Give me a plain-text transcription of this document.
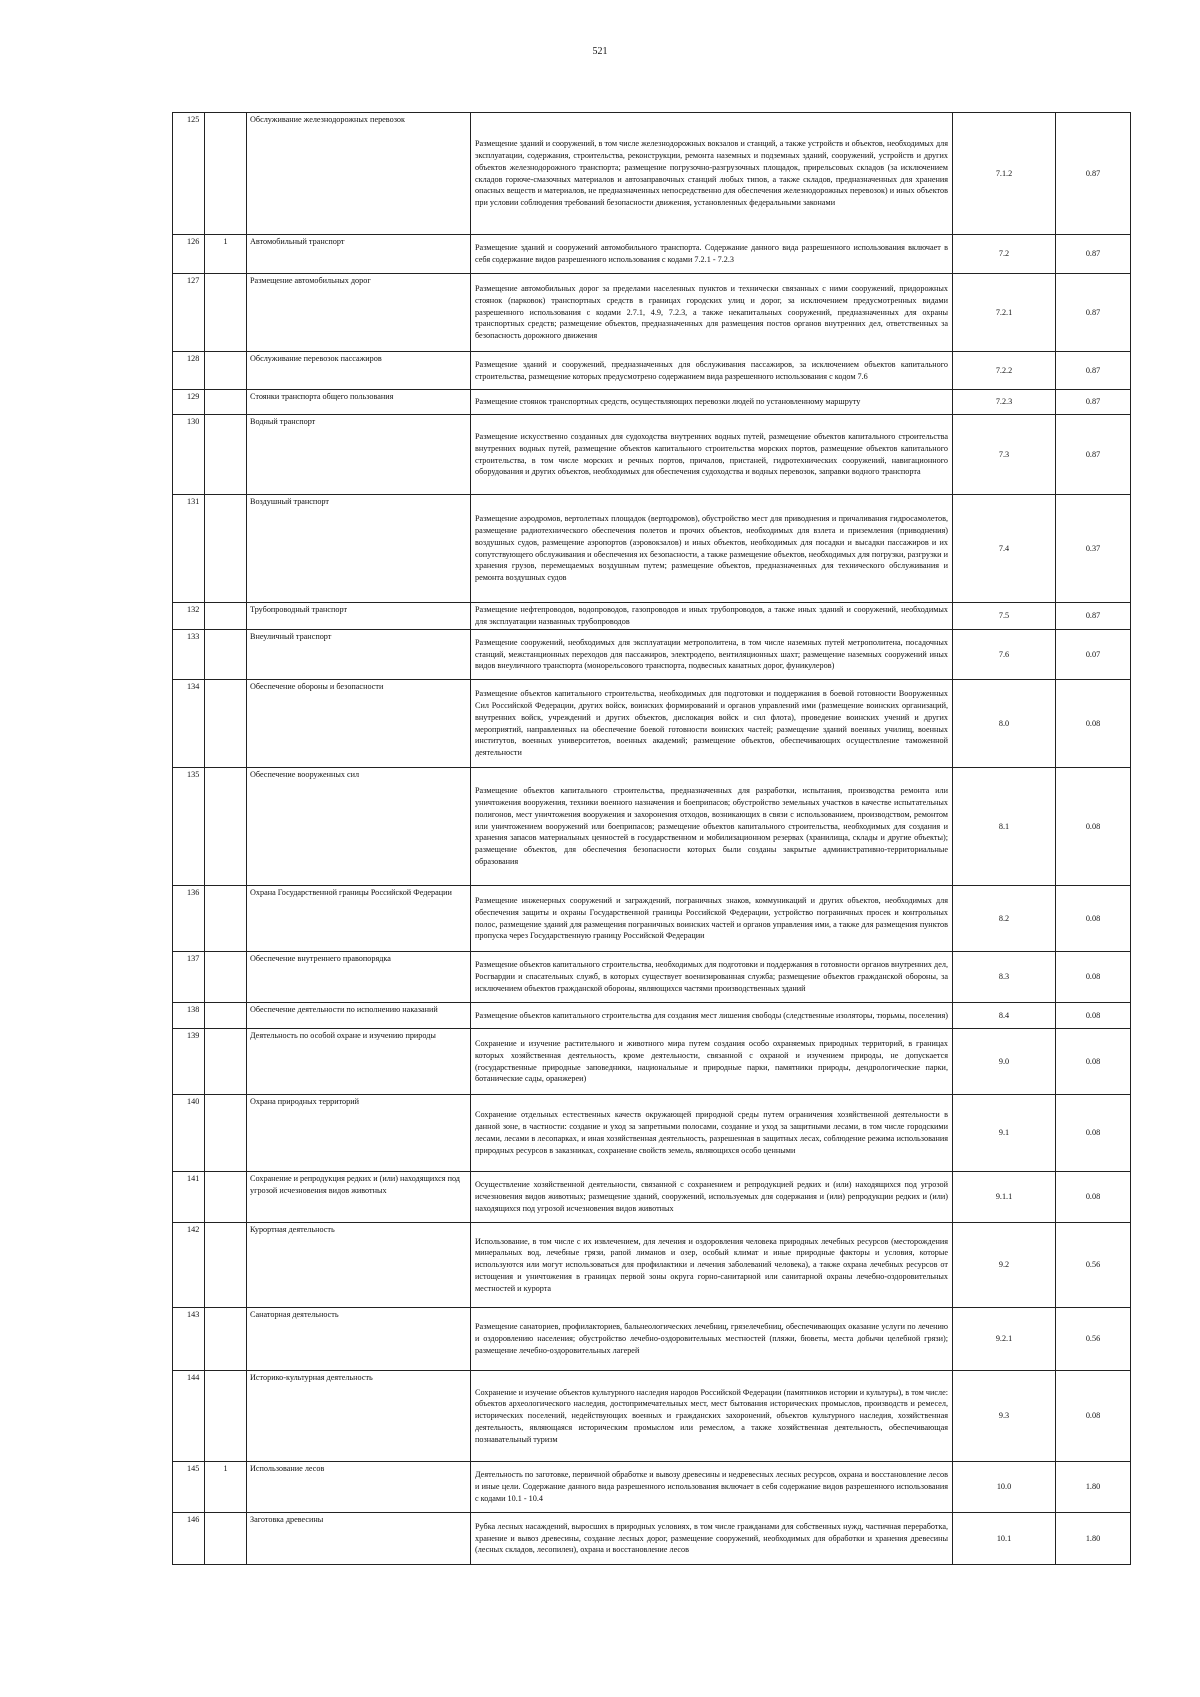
521
125		Обслуживание железнодорожных перевозок	Размещение зданий и сооружений, в том числе железнодорожных вокзалов и станций, а также устройств и объектов, необходимых для эксплуатации, содержания, строительства, реконструкции, ремонта наземных и подземных зданий, сооружений, устройств и других объектов железнодорожного транспорта; размещение погрузочно-разгрузочных площадок, прирельсовых складов (за исключением складов горюче-смазочных материалов и автозаправочных станций любых типов, а также складов, предназначенных для хранения опасных веществ и материалов, не предназначенных непосредственно для обеспечения железнодорожных перевозок) и иных объектов при условии соблюдения требований безопасности движения, установленных федеральными законами	7.1.2	0.87
126	1	Автомобильный транспорт	Размещение зданий и сооружений автомобильного транспорта. Содержание данного вида разрешенного использования включает в себя содержание видов разрешенного использования с кодами 7.2.1 - 7.2.3	7.2	0.87
127		Размещение автомобильных дорог	Размещение автомобильных дорог за пределами населенных пунктов и технически связанных с ними сооружений, придорожных стоянок (парковок) транспортных средств в границах городских улиц и дорог, за исключением предусмотренных видами разрешенного использования с кодами 2.7.1, 4.9, 7.2.3, а также некапитальных сооружений, предназначенных для охраны транспортных средств; размещение объектов, предназначенных для размещения постов органов внутренних дел, ответственных за безопасность дорожного движения	7.2.1	0.87
128		Обслуживание перевозок пассажиров	Размещение зданий и сооружений, предназначенных для обслуживания пассажиров, за исключением объектов капитального строительства, размещение которых предусмотрено содержанием вида разрешенного использования с кодом 7.6	7.2.2	0.87
129		Стоянки транспорта общего пользования	Размещение стоянок транспортных средств, осуществляющих перевозки людей по установленному маршруту	7.2.3	0.87
130		Водный транспорт	Размещение искусственно созданных для судоходства внутренних водных путей, размещение объектов капитального строительства внутренних водных путей, размещение объектов капитального строительства морских портов, размещение объектов капитального строительства, в том числе морских и речных портов, причалов, пристаней, гидротехнических сооружений, навигационного оборудования и других объектов, необходимых для обеспечения судоходства и водных перевозок, заправки водного транспорта	7.3	0.87
131		Воздушный транспорт	Размещение аэродромов, вертолетных площадок (вертодромов), обустройство мест для приводнения и причаливания гидросамолетов, размещение радиотехнического обеспечения полетов и прочих объектов, необходимых для взлета и приземления (приводнения) воздушных судов, размещение аэропортов (аэровокзалов) и иных объектов, необходимых для посадки и высадки пассажиров и их сопутствующего обслуживания и обеспечения их безопасности, а также размещение объектов, необходимых для погрузки, разгрузки и хранения грузов, перемещаемых воздушным путем; размещение объектов, предназначенных для технического обслуживания и ремонта воздушных судов	7.4	0.37
132		Трубопроводный транспорт	Размещение нефтепроводов, водопроводов, газопроводов и иных трубопроводов, а также иных зданий и сооружений, необходимых для эксплуатации названных трубопроводов	7.5	0.87
133		Внеуличный транспорт	Размещение сооружений, необходимых для эксплуатации метрополитена, в том числе наземных путей метрополитена, посадочных станций, межстанционных переходов для пассажиров, электродепо, вентиляционных шахт; размещение наземных сооружений иных видов внеуличного транспорта (монорельсового транспорта, подвесных канатных дорог, фуникулеров)	7.6	0.07
134		Обеспечение обороны и безопасности	Размещение объектов капитального строительства, необходимых для подготовки и поддержания в боевой готовности Вооруженных Сил Российской Федерации, других войск, воинских формирований и органов управлений ими (размещение воинских организаций, внутренних войск, учреждений и других объектов, дислокация войск и сил флота), проведение воинских учений и других мероприятий, направленных на обеспечение боевой готовности воинских частей; размещение зданий военных училищ, военных институтов, военных университетов, военных академий; размещение объектов, обеспечивающих осуществление таможенной деятельности	8.0	0.08
135		Обеспечение вооруженных сил	Размещение объектов капитального строительства, предназначенных для разработки, испытания, производства ремонта или уничтожения вооружения, техники военного назначения и боеприпасов; обустройство земельных участков в качестве испытательных полигонов, мест уничтожения вооружения и захоронения отходов, возникающих в связи с использованием, производством, ремонтом или уничтожением вооружений или боеприпасов; размещение объектов капитального строительства, необходимых для создания и хранения запасов материальных ценностей в государственном и мобилизационном резервах (хранилища, склады и другие объекты); размещение объектов, для обеспечения безопасности которых были созданы закрытые административно-территориальные образования	8.1	0.08
136		Охрана Государственной границы Российской Федерации	Размещение инженерных сооружений и заграждений, пограничных знаков, коммуникаций и других объектов, необходимых для обеспечения защиты и охраны Государственной границы Российской Федерации, устройство пограничных просек и контрольных полос, размещение зданий для размещения пограничных воинских частей и органов управления ими, а также для размещения пунктов пропуска через Государственную границу Российской Федерации	8.2	0.08
137		Обеспечение внутреннего правопорядка	Размещение объектов капитального строительства, необходимых для подготовки и поддержания в готовности органов внутренних дел, Росгвардии и спасательных служб, в которых существует военизированная служба; размещение объектов гражданской обороны, за исключением объектов гражданской обороны, являющихся частями производственных зданий	8.3	0.08
138		Обеспечение деятельности по исполнению наказаний	Размещение объектов капитального строительства для создания мест лишения свободы (следственные изоляторы, тюрьмы, поселения)	8.4	0.08
139		Деятельность по особой охране и изучению природы	Сохранение и изучение растительного и животного мира путем создания особо охраняемых природных территорий, в границах которых хозяйственная деятельность, кроме деятельности, связанной с охраной и изучением природы, не допускается (государственные природные заповедники, национальные и природные парки, памятники природы, дендрологические парки, ботанические сады, оранжереи)	9.0	0.08
140		Охрана природных территорий	Сохранение отдельных естественных качеств окружающей природной среды путем ограничения хозяйственной деятельности в данной зоне, в частности: создание и уход за запретными полосами, создание и уход за защитными лесами, в том числе городскими лесами, лесами в лесопарках, и иная хозяйственная деятельность, разрешенная в защитных лесах, соблюдение режима использования природных ресурсов в заказниках, сохранение свойств земель, являющихся особо ценными	9.1	0.08
141		Сохранение и репродукция редких и (или) находящихся под угрозой исчезновения видов животных	Осуществление хозяйственной деятельности, связанной с сохранением и репродукцией редких и (или) находящихся под угрозой исчезновения видов животных; размещение зданий, сооружений, используемых для содержания и (или) репродукции редких и (или) находящихся под угрозой исчезновения видов животных	9.1.1	0.08
142		Курортная деятельность	Использование, в том числе с их извлечением, для лечения и оздоровления человека природных лечебных ресурсов (месторождения минеральных вод, лечебные грязи, рапой лиманов и озер, особый климат и иные природные факторы и условия, которые используются или могут использоваться для профилактики и лечения заболеваний человека), а также охрана лечебных ресурсов от истощения и уничтожения в границах первой зоны округа горно-санитарной или санитарной охраны лечебно-оздоровительных местностей и курорта	9.2	0.56
143		Санаторная деятельность	Размещение санаториев, профилакториев, бальнеологических лечебниц, грязелечебниц, обеспечивающих оказание услуги по лечению и оздоровлению населения; обустройство лечебно-оздоровительных местностей (пляжи, бюветы, места добычи целебной грязи); размещение лечебно-оздоровительных лагерей	9.2.1	0.56
144		Историко-культурная деятельность	Сохранение и изучение объектов культурного наследия народов Российской Федерации (памятников истории и культуры), в том числе: объектов археологического наследия, достопримечательных мест, мест бытования исторических промыслов, производств и ремесел, исторических поселений, недействующих военных и гражданских захоронений, объектов культурного наследия, хозяйственная деятельность, являющаяся историческим промыслом или ремеслом, а также хозяйственная деятельность, обеспечивающая познавательный туризм	9.3	0.08
145	1	Использование лесов	Деятельность по заготовке, первичной обработке и вывозу древесины и недревесных лесных ресурсов, охрана и восстановление лесов и иные цели. Содержание данного вида разрешенного использования включает в себя содержание видов разрешенного использования с кодами 10.1 - 10.4	10.0	1.80
146		Заготовка древесины	Рубка лесных насаждений, выросших в природных условиях, в том числе гражданами для собственных нужд, частичная переработка, хранение и вывоз древесины, создание лесных дорог, размещение сооружений, необходимых для обработки и хранения древесины (лесных складов, лесопилен), охрана и восстановление лесов	10.1	1.80
